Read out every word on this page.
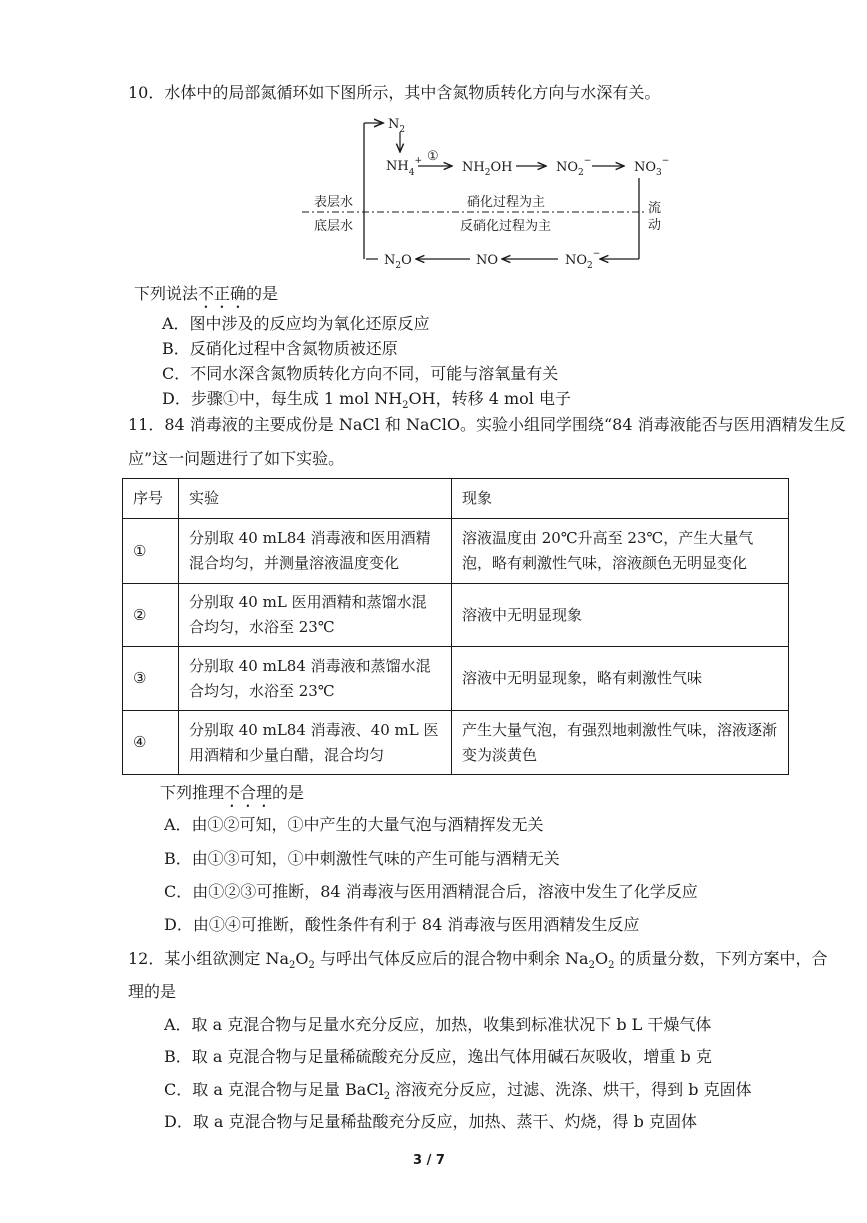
10．水体中的局部氮循环如下图所示，其中含氮物质转化方向与水深有关。
$N_2$
$NH_4^+$ ①
$NH_2OH$	$NO_2^-$	$NO_3^-$
表层水
底层水
硝化过程为主
反硝化过程为主
流
动
$NO_2^-$
NO
$N_2O$
下列说法不正确的是
A．图中涉及的反应均为氧化还原反应
B．反硝化过程中含氮物质被还原
C．不同水深含氮物质转化方向不同，可能与溶氧量有关
D．步骤①中，每生成 1 mol $NH_2OH$，转移 4 mol 电子
11．84 消毒液的主要成份是 NaCl 和 NaClO。实验小组同学围绕“84 消毒液能否与医用酒精发生反
应”这一问题进行了如下实验。
序号	实验	现象
①	分别取 40 mL84 消毒液和医用酒精混合均匀，并测量溶液温度变化	溶液温度由 20℃升高至 23℃，产生大量气泡，略有刺激性气味，溶液颜色无明显变化
②	分别取 40 mL 医用酒精和蒸馏水混合均匀，水浴至 23℃	溶液中无明显现象
③	分别取 40 mL84 消毒液和蒸馏水混合均匀，水浴至 23℃	溶液中无明显现象，略有刺激性气味
④	分别取 40 mL84 消毒液、40 mL 医用酒精和少量白醋，混合均匀	产生大量气泡，有强烈地刺激性气味，溶液逐渐变为淡黄色
下列推理不合理的是
A．由①②可知，①中产生的大量气泡与酒精挥发无关
B．由①③可知，①中刺激性气味的产生可能与酒精无关
C．由①②③可推断，84 消毒液与医用酒精混合后，溶液中发生了化学反应
D．由①④可推断，酸性条件有利于 84 消毒液与医用酒精发生反应
12．某小组欲测定 $Na_2O_2$ 与呼出气体反应后的混合物中剩余 $Na_2O_2$ 的质量分数，下列方案中，合
理的是
A．取 a 克混合物与足量水充分反应，加热，收集到标准状况下 b L 干燥气体
B．取 a 克混合物与足量稀硫酸充分反应，逸出气体用碱石灰吸收，增重 b 克
C．取 a 克混合物与足量 BaCl$_2$ 溶液充分反应，过滤、洗涤、烘干，得到 b 克固体
D．取 a 克混合物与足量稀盐酸充分反应，加热、蒸干、灼烧，得 b 克固体
3 / 7
